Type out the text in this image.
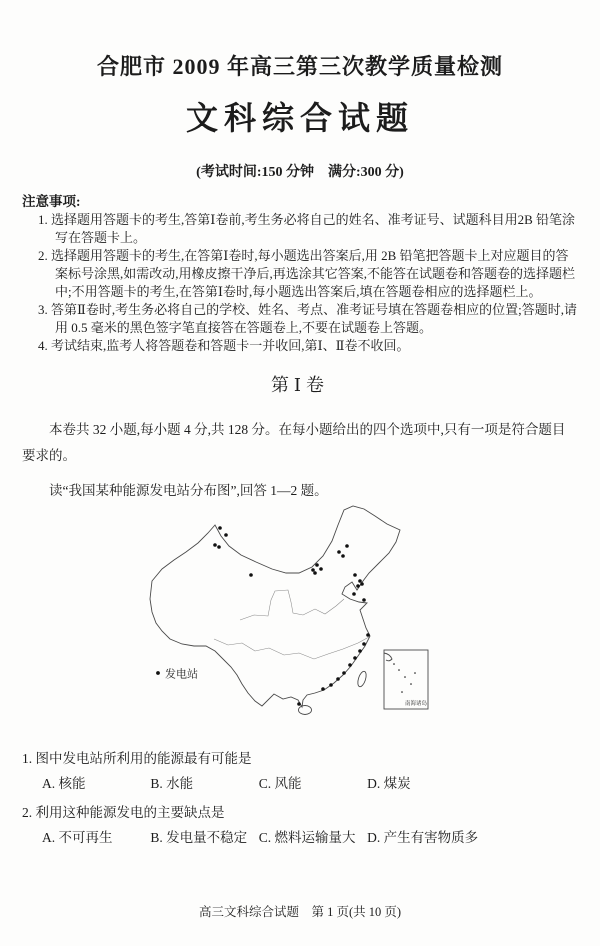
合肥市 2009 年高三第三次教学质量检测
文科综合试题
(考试时间:150 分钟　满分:300 分)
注意事项:
1. 选择题用答题卡的考生,答第Ⅰ卷前,考生务必将自己的姓名、准考证号、试题科目用2B 铅笔涂写在答题卡上。
2. 选择题用答题卡的考生,在答第Ⅰ卷时,每小题选出答案后,用 2B 铅笔把答题卡上对应题目的答案标号涂黑,如需改动,用橡皮擦干净后,再选涂其它答案,不能答在试题卷和答题卷的选择题栏中;不用答题卡的考生,在答第Ⅰ卷时,每小题选出答案后,填在答题卷相应的选择题栏上。
3. 答第Ⅱ卷时,考生务必将自己的学校、姓名、考点、准考证号填在答题卷相应的位置;答题时,请用 0.5 毫米的黑色签字笔直接答在答题卷上,不要在试题卷上答题。
4. 考试结束,监考人将答题卷和答题卡一并收回,第Ⅰ、Ⅱ卷不收回。
第Ⅰ卷
本卷共 32 小题,每小题 4 分,共 128 分。在每小题给出的四个选项中,只有一项是符合题目要求的。
读“我国某种能源发电站分布图”,回答 1—2 题。
发电站
南海诸岛
1. 图中发电站所利用的能源最有可能是
A. 核能	B. 水能	C. 风能	D. 煤炭
2. 利用这种能源发电的主要缺点是
A. 不可再生	B. 发电量不稳定 C. 燃料运输量大 D. 产生有害物质多
高三文科综合试题　第 1 页(共 10 页)
